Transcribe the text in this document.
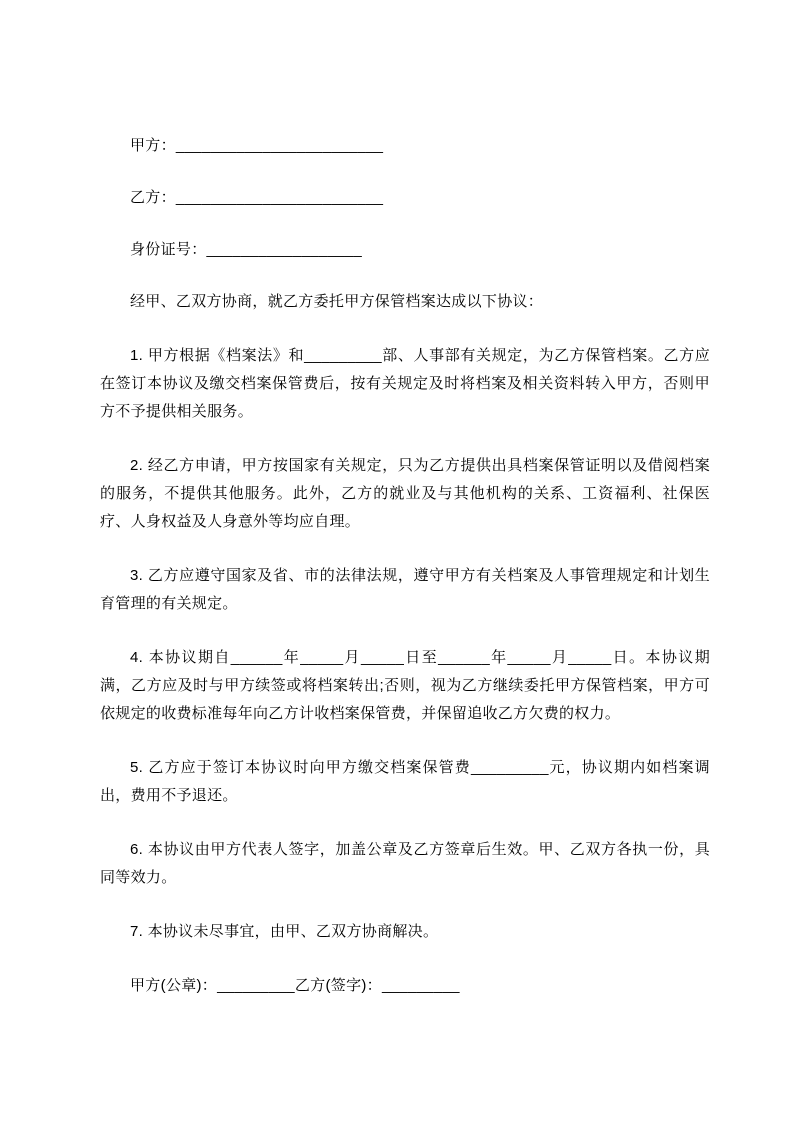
甲方：________________________

乙方：________________________

身份证号：__________________

经甲、乙双方协商，就乙方委托甲方保管档案达成以下协议：

1. 甲方根据《档案法》和_________部、人事部有关规定，为乙方保管档案。乙方应在签订本协议及缴交档案保管费后，按有关规定及时将档案及相关资料转入甲方，否则甲方不予提供相关服务。

2. 经乙方申请，甲方按国家有关规定，只为乙方提供出具档案保管证明以及借阅档案的服务，不提供其他服务。此外，乙方的就业及与其他机构的关系、工资福利、社保医疗、人身权益及人身意外等均应自理。

3. 乙方应遵守国家及省、市的法律法规，遵守甲方有关档案及人事管理规定和计划生育管理的有关规定。

4. 本协议期自______年_____月_____日至______年_____月_____日。本协议期满，乙方应及时与甲方续签或将档案转出;否则，视为乙方继续委托甲方保管档案，甲方可依规定的收费标准每年向乙方计收档案保管费，并保留追收乙方欠费的权力。

5. 乙方应于签订本协议时向甲方缴交档案保管费_________元，协议期内如档案调出，费用不予退还。

6. 本协议由甲方代表人签字，加盖公章及乙方签章后生效。甲、乙双方各执一份，具同等效力。

7. 本协议未尽事宜，由甲、乙双方协商解决。

甲方(公章)：_________乙方(签字)：_________
